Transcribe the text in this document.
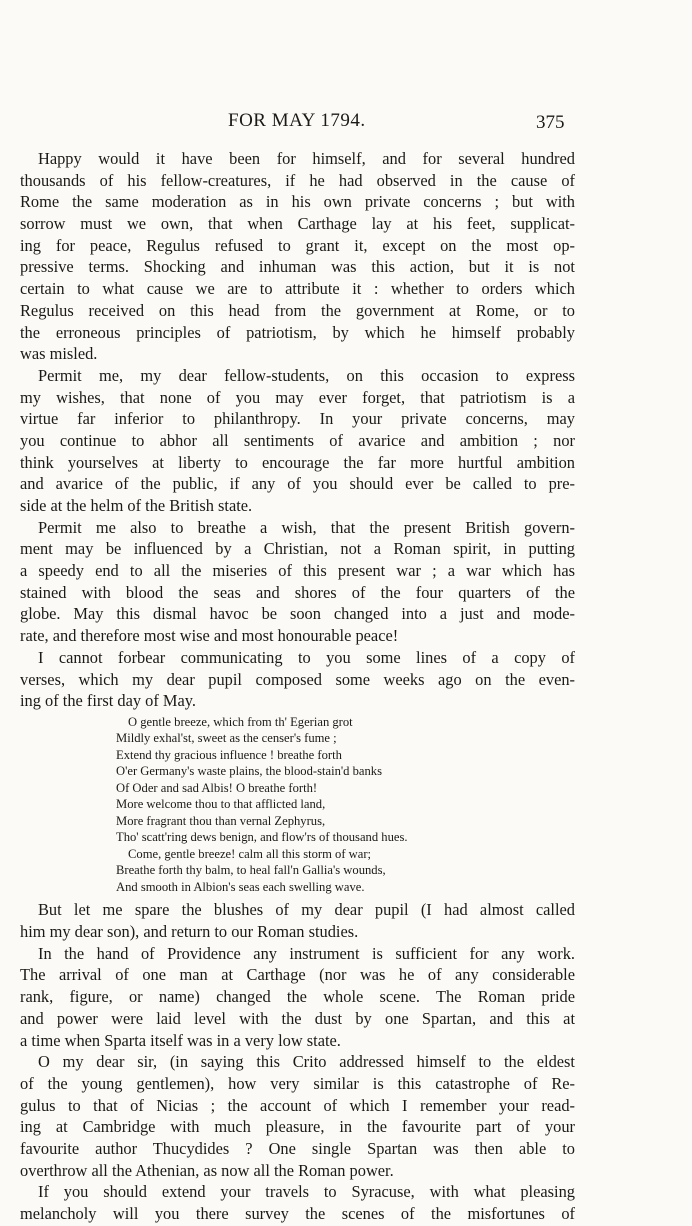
FOR MAY 1794.	375
Happy would it have been for himself, and for several hundred
thousands of his fellow-creatures, if he had observed in the cause of
Rome the same moderation as in his own private concerns ; but with
sorrow must we own, that when Carthage lay at his feet, supplicat-
ing for peace, Regulus refused to grant it, except on the most op-
pressive terms. Shocking and inhuman was this action, but it is not
certain to what cause we are to attribute it : whether to orders which
Regulus received on this head from the government at Rome, or to
the erroneous principles of patriotism, by which he himself probably
was misled.
Permit me, my dear fellow-students, on this occasion to express
my wishes, that none of you may ever forget, that patriotism is a
virtue far inferior to philanthropy. In your private concerns, may
you continue to abhor all sentiments of avarice and ambition ; nor
think yourselves at liberty to encourage the far more hurtful ambition
and avarice of the public, if any of you should ever be called to pre-
side at the helm of the British state.
Permit me also to breathe a wish, that the present British govern-
ment may be influenced by a Christian, not a Roman spirit, in putting
a speedy end to all the miseries of this present war ; a war which has
stained with blood the seas and shores of the four quarters of the
globe. May this dismal havoc be soon changed into a just and mode-
rate, and therefore most wise and most honourable peace!
I cannot forbear communicating to you some lines of a copy of
verses, which my dear pupil composed some weeks ago on the even-
ing of the first day of May.
O gentle breeze, which from th' Egerian grot
Mildly exhal'st, sweet as the censer's fume ;
Extend thy gracious influence ! breathe forth
O'er Germany's waste plains, the blood-stain'd banks
Of Oder and sad Albis! O breathe forth!
More welcome thou to that afflicted land,
More fragrant thou than vernal Zephyrus,
Tho' scatt'ring dews benign, and flow'rs of thousand hues.
Come, gentle breeze! calm all this storm of war;
Breathe forth thy balm, to heal fall'n Gallia's wounds,
And smooth in Albion's seas each swelling wave.
But let me spare the blushes of my dear pupil (I had almost called
him my dear son), and return to our Roman studies.
In the hand of Providence any instrument is sufficient for any work.
The arrival of one man at Carthage (nor was he of any considerable
rank, figure, or name) changed the whole scene. The Roman pride
and power were laid level with the dust by one Spartan, and this at
a time when Sparta itself was in a very low state.
O my dear sir, (in saying this Crito addressed himself to the eldest
of the young gentlemen), how very similar is this catastrophe of Re-
gulus to that of Nicias ; the account of which I remember your read-
ing at Cambridge with much pleasure, in the favourite part of your
favourite author Thucydides ? One single Spartan was then able to
overthrow all the Athenian, as now all the Roman power.
If you should extend your travels to Syracuse, with what pleasing
melancholy will you there survey the scenes of the misfortunes of
